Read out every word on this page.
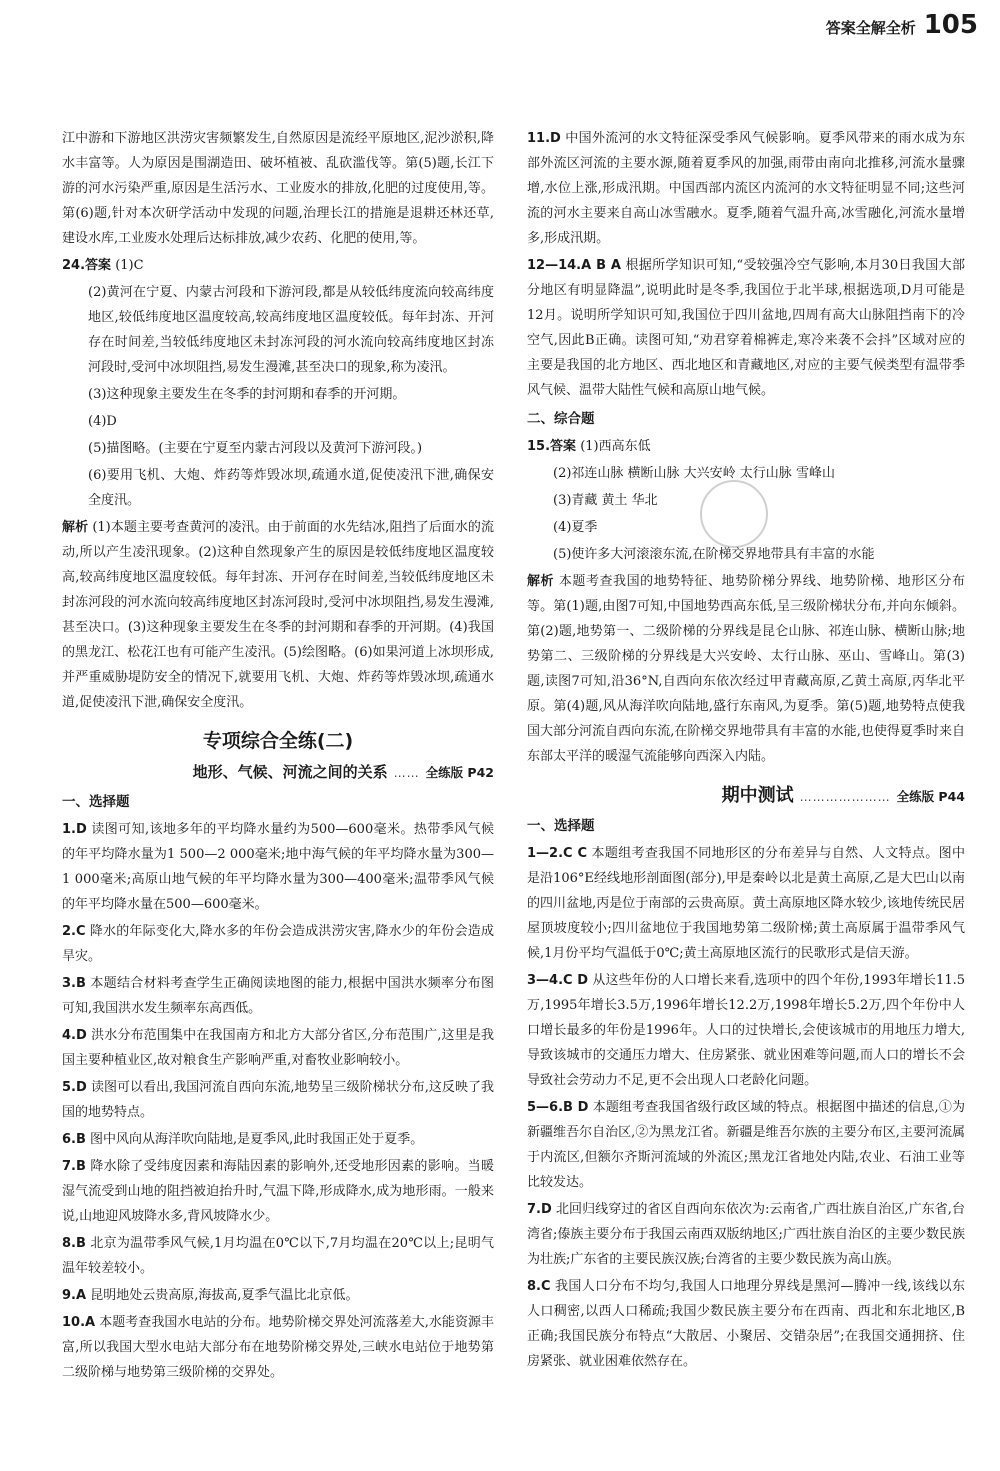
答案全解全析 105

江中游和下游地区洪涝灾害频繁发生,自然原因是流经平原地区,泥沙淤积,降水丰富等。人为原因是围湖造田、破坏植被、乱砍滥伐等。第(5)题,长江下游的河水污染严重,原因是生活污水、工业废水的排放,化肥的过度使用,等。第(6)题,针对本次研学活动中发现的问题,治理长江的措施是退耕还林还草,建设水库,工业废水处理后达标排放,减少农药、化肥的使用,等。

24.答案 (1)C

(2)黄河在宁夏、内蒙古河段和下游河段,都是从较低纬度流向较高纬度地区,较低纬度地区温度较高,较高纬度地区温度较低。每年封冻、开河存在时间差,当较低纬度地区未封冻河段的河水流向较高纬度地区封冻河段时,受河中冰坝阻挡,易发生漫滩,甚至决口的现象,称为凌汛。

(3)这种现象主要发生在冬季的封河期和春季的开河期。

(4)D

(5)描图略。(主要在宁夏至内蒙古河段以及黄河下游河段。)

(6)要用飞机、大炮、炸药等炸毁冰坝,疏通水道,促使凌汛下泄,确保安全度汛。

解析 (1)本题主要考查黄河的凌汛。由于前面的水先结冰,阻挡了后面水的流动,所以产生凌汛现象。(2)这种自然现象产生的原因是较低纬度地区温度较高,较高纬度地区温度较低。每年封冻、开河存在时间差,当较低纬度地区未封冻河段的河水流向较高纬度地区封冻河段时,受河中冰坝阻挡,易发生漫滩,甚至决口。(3)这种现象主要发生在冬季的封河期和春季的开河期。(4)我国的黑龙江、松花江也有可能产生凌汛。(5)绘图略。(6)如果河道上冰坝形成,并严重威胁堤防安全的情况下,就要用飞机、大炮、炸药等炸毁冰坝,疏通水道,促使凌汛下泄,确保安全度汛。

专项综合全练(二)
地形、气候、河流之间的关系 …… 全练版 P42
一、选择题

1.D 读图可知,该地多年的平均降水量约为500—600毫米。热带季风气候的年平均降水量为1 500—2 000毫米;地中海气候的年平均降水量为300—1 000毫米;高原山地气候的年平均降水量为300—400毫米;温带季风气候的年平均降水量在500—600毫米。

2.C 降水的年际变化大,降水多的年份会造成洪涝灾害,降水少的年份会造成旱灾。

3.B 本题结合材料考查学生正确阅读地图的能力,根据中国洪水频率分布图可知,我国洪水发生频率东高西低。

4.D 洪水分布范围集中在我国南方和北方大部分省区,分布范围广,这里是我国主要种植业区,故对粮食生产影响严重,对畜牧业影响较小。

5.D 读图可以看出,我国河流自西向东流,地势呈三级阶梯状分布,这反映了我国的地势特点。

6.B 图中风向从海洋吹向陆地,是夏季风,此时我国正处于夏季。

7.B 降水除了受纬度因素和海陆因素的影响外,还受地形因素的影响。当暖湿气流受到山地的阻挡被迫抬升时,气温下降,形成降水,成为地形雨。一般来说,山地迎风坡降水多,背风坡降水少。

8.B 北京为温带季风气候,1月均温在0℃以下,7月均温在20℃以上;昆明气温年较差较小。

9.A 昆明地处云贵高原,海拔高,夏季气温比北京低。

10.A 本题考查我国水电站的分布。地势阶梯交界处河流落差大,水能资源丰富,所以我国大型水电站大部分布在地势阶梯交界处,三峡水电站位于地势第二级阶梯与地势第三级阶梯的交界处。

11.D 中国外流河的水文特征深受季风气候影响。夏季风带来的雨水成为东部外流区河流的主要水源,随着夏季风的加强,雨带由南向北推移,河流水量骤增,水位上涨,形成汛期。中国西部内流区内流河的水文特征明显不同;这些河流的河水主要来自高山冰雪融水。夏季,随着气温升高,冰雪融化,河流水量增多,形成汛期。

12—14.A B A 根据所学知识可知,“受较强冷空气影响,本月30日我国大部分地区有明显降温”,说明此时是冬季,我国位于北半球,根据选项,D月可能是12月。说明所学知识可知,我国位于四川盆地,四周有高大山脉阻挡南下的冷空气,因此B正确。读图可知,“劝君穿着棉裤走,寒冷来袭不会抖”区域对应的主要是我国的北方地区、西北地区和青藏地区,对应的主要气候类型有温带季风气候、温带大陆性气候和高原山地气候。

二、综合题

15.答案 (1)西高东低

(2)祁连山脉 横断山脉 大兴安岭 太行山脉 雪峰山

(3)青藏 黄土 华北

(4)夏季

(5)使许多大河滚滚东流,在阶梯交界地带具有丰富的水能

解析 本题考查我国的地势特征、地势阶梯分界线、地势阶梯、地形区分布等。第(1)题,由图7可知,中国地势西高东低,呈三级阶梯状分布,并向东倾斜。第(2)题,地势第一、二级阶梯的分界线是昆仑山脉、祁连山脉、横断山脉;地势第二、三级阶梯的分界线是大兴安岭、太行山脉、巫山、雪峰山。第(3)题,读图7可知,沿36°N,自西向东依次经过甲青藏高原,乙黄土高原,丙华北平原。第(4)题,风从海洋吹向陆地,盛行东南风,为夏季。第(5)题,地势特点使我国大部分河流自西向东流,在阶梯交界地带具有丰富的水能,也使得夏季时来自东部太平洋的暖湿气流能够向西深入内陆。

期中测试 ………………… 全练版 P44
一、选择题

1—2.C C 本题组考查我国不同地形区的分布差异与自然、人文特点。图中是沿106°E经线地形剖面图(部分),甲是秦岭以北是黄土高原,乙是大巴山以南的四川盆地,丙是位于南部的云贵高原。黄土高原地区降水较少,该地传统民居屋顶坡度较小;四川盆地位于我国地势第二级阶梯;黄土高原属于温带季风气候,1月份平均气温低于0℃;黄土高原地区流行的民歌形式是信天游。

3—4.C D 从这些年份的人口增长来看,选项中的四个年份,1993年增长11.5万,1995年增长3.5万,1996年增长12.2万,1998年增长5.2万,四个年份中人口增长最多的年份是1996年。人口的过快增长,会使该城市的用地压力增大,导致该城市的交通压力增大、住房紧张、就业困难等问题,而人口的增长不会导致社会劳动力不足,更不会出现人口老龄化问题。

5—6.B D 本题组考查我国省级行政区域的特点。根据图中描述的信息,①为新疆维吾尔自治区,②为黑龙江省。新疆是维吾尔族的主要分布区,主要河流属于内流区,但额尔齐斯河流域的外流区;黑龙江省地处内陆,农业、石油工业等比较发达。

7.D 北回归线穿过的省区自西向东依次为:云南省,广西壮族自治区,广东省,台湾省;傣族主要分布于我国云南西双版纳地区;广西壮族自治区的主要少数民族为壮族;广东省的主要民族汉族;台湾省的主要少数民族为高山族。

8.C 我国人口分布不均匀,我国人口地理分界线是黑河—腾冲一线,该线以东人口稠密,以西人口稀疏;我国少数民族主要分布在西南、西北和东北地区,B正确;我国民族分布特点“大散居、小聚居、交错杂居”;在我国交通拥挤、住房紧张、就业困难依然存在。
